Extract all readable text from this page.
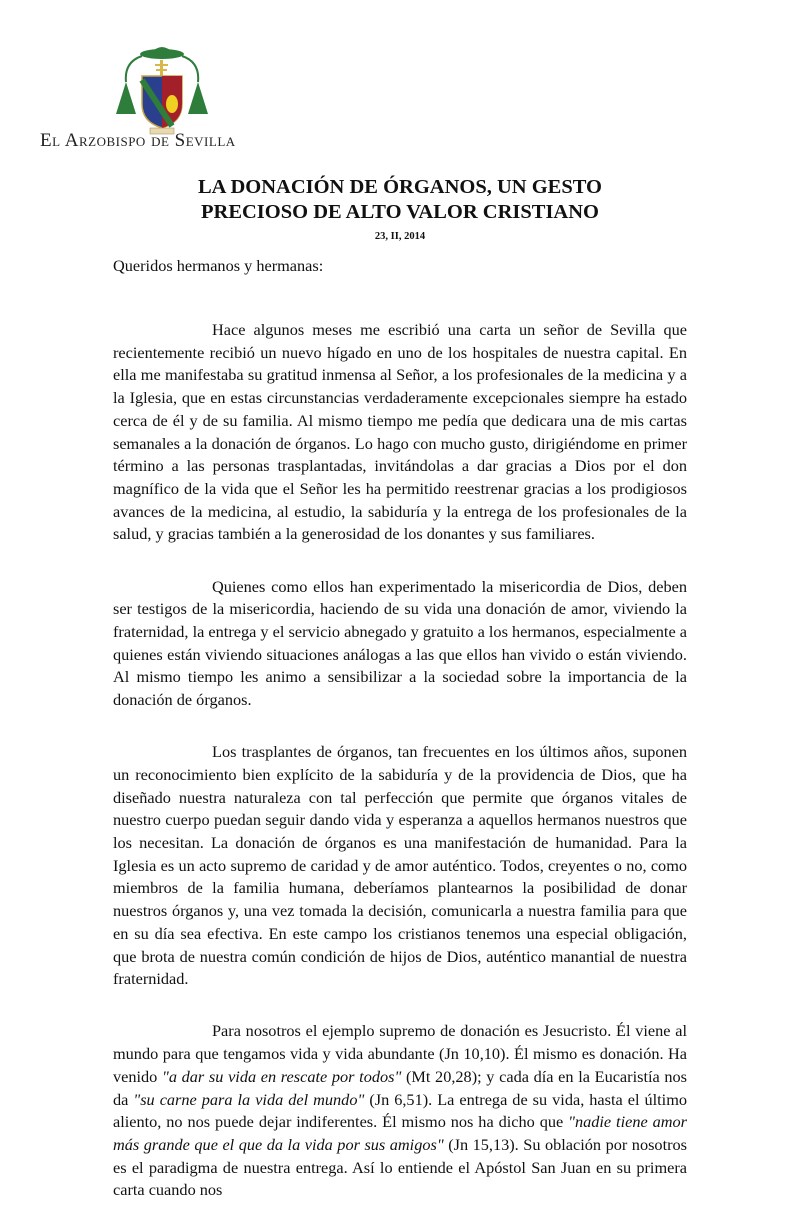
El Arzobispo de Sevilla
LA DONACIÓN DE ÓRGANOS, UN GESTO
PRECIOSO DE ALTO VALOR CRISTIANO
23, II, 2014
Queridos hermanos y hermanas:

Hace algunos meses me escribió una carta un señor de Sevilla que recientemente recibió un nuevo hígado en uno de los hospitales de nuestra capital. En ella me manifestaba su gratitud inmensa al Señor, a los profesionales de la medicina y a la Iglesia, que en estas circunstancias verdaderamente excepcionales siempre ha estado cerca de él y de su familia. Al mismo tiempo me pedía que dedicara una de mis cartas semanales a la donación de órganos. Lo hago con mucho gusto, dirigiéndome en primer término a las personas trasplantadas, invitándolas a dar gracias a Dios por el don magnífico de la vida que el Señor les ha permitido reestrenar gracias a los prodigiosos avances de la medicina, al estudio, la sabiduría y la entrega de los profesionales de la salud, y gracias también a la generosidad de los donantes y sus familiares.

Quienes como ellos han experimentado la misericordia de Dios, deben ser testigos de la misericordia, haciendo de su vida una donación de amor, viviendo la fraternidad, la entrega y el servicio abnegado y gratuito a los hermanos, especialmente a quienes están viviendo situaciones análogas a las que ellos han vivido o están viviendo. Al mismo tiempo les animo a sensibilizar a la sociedad sobre la importancia de la donación de órganos.

Los trasplantes de órganos, tan frecuentes en los últimos años, suponen un reconocimiento bien explícito de la sabiduría y de la providencia de Dios, que ha diseñado nuestra naturaleza con tal perfección que permite que órganos vitales de nuestro cuerpo puedan seguir dando vida y esperanza a aquellos hermanos nuestros que los necesitan. La donación de órganos es una manifestación de humanidad. Para la Iglesia es un acto supremo de caridad y de amor auténtico. Todos, creyentes o no, como miembros de la familia humana, deberíamos plantearnos la posibilidad de donar nuestros órganos y, una vez tomada la decisión, comunicarla a nuestra familia para que en su día sea efectiva. En este campo los cristianos tenemos una especial obligación, que brota de nuestra común condición de hijos de Dios, auténtico manantial de nuestra fraternidad.

Para nosotros el ejemplo supremo de donación es Jesucristo. Él viene al mundo para que tengamos vida y vida abundante (Jn 10,10). Él mismo es donación. Ha venido "a dar su vida en rescate por todos" (Mt 20,28); y cada día en la Eucaristía nos da "su carne para la vida del mundo" (Jn 6,51). La entrega de su vida, hasta el último aliento, no nos puede dejar indiferentes. Él mismo nos ha dicho que "nadie tiene amor más grande que el que da la vida por sus amigos" (Jn 15,13). Su oblación por nosotros es el paradigma de nuestra entrega. Así lo entiende el Apóstol San Juan en su primera carta cuando nos
